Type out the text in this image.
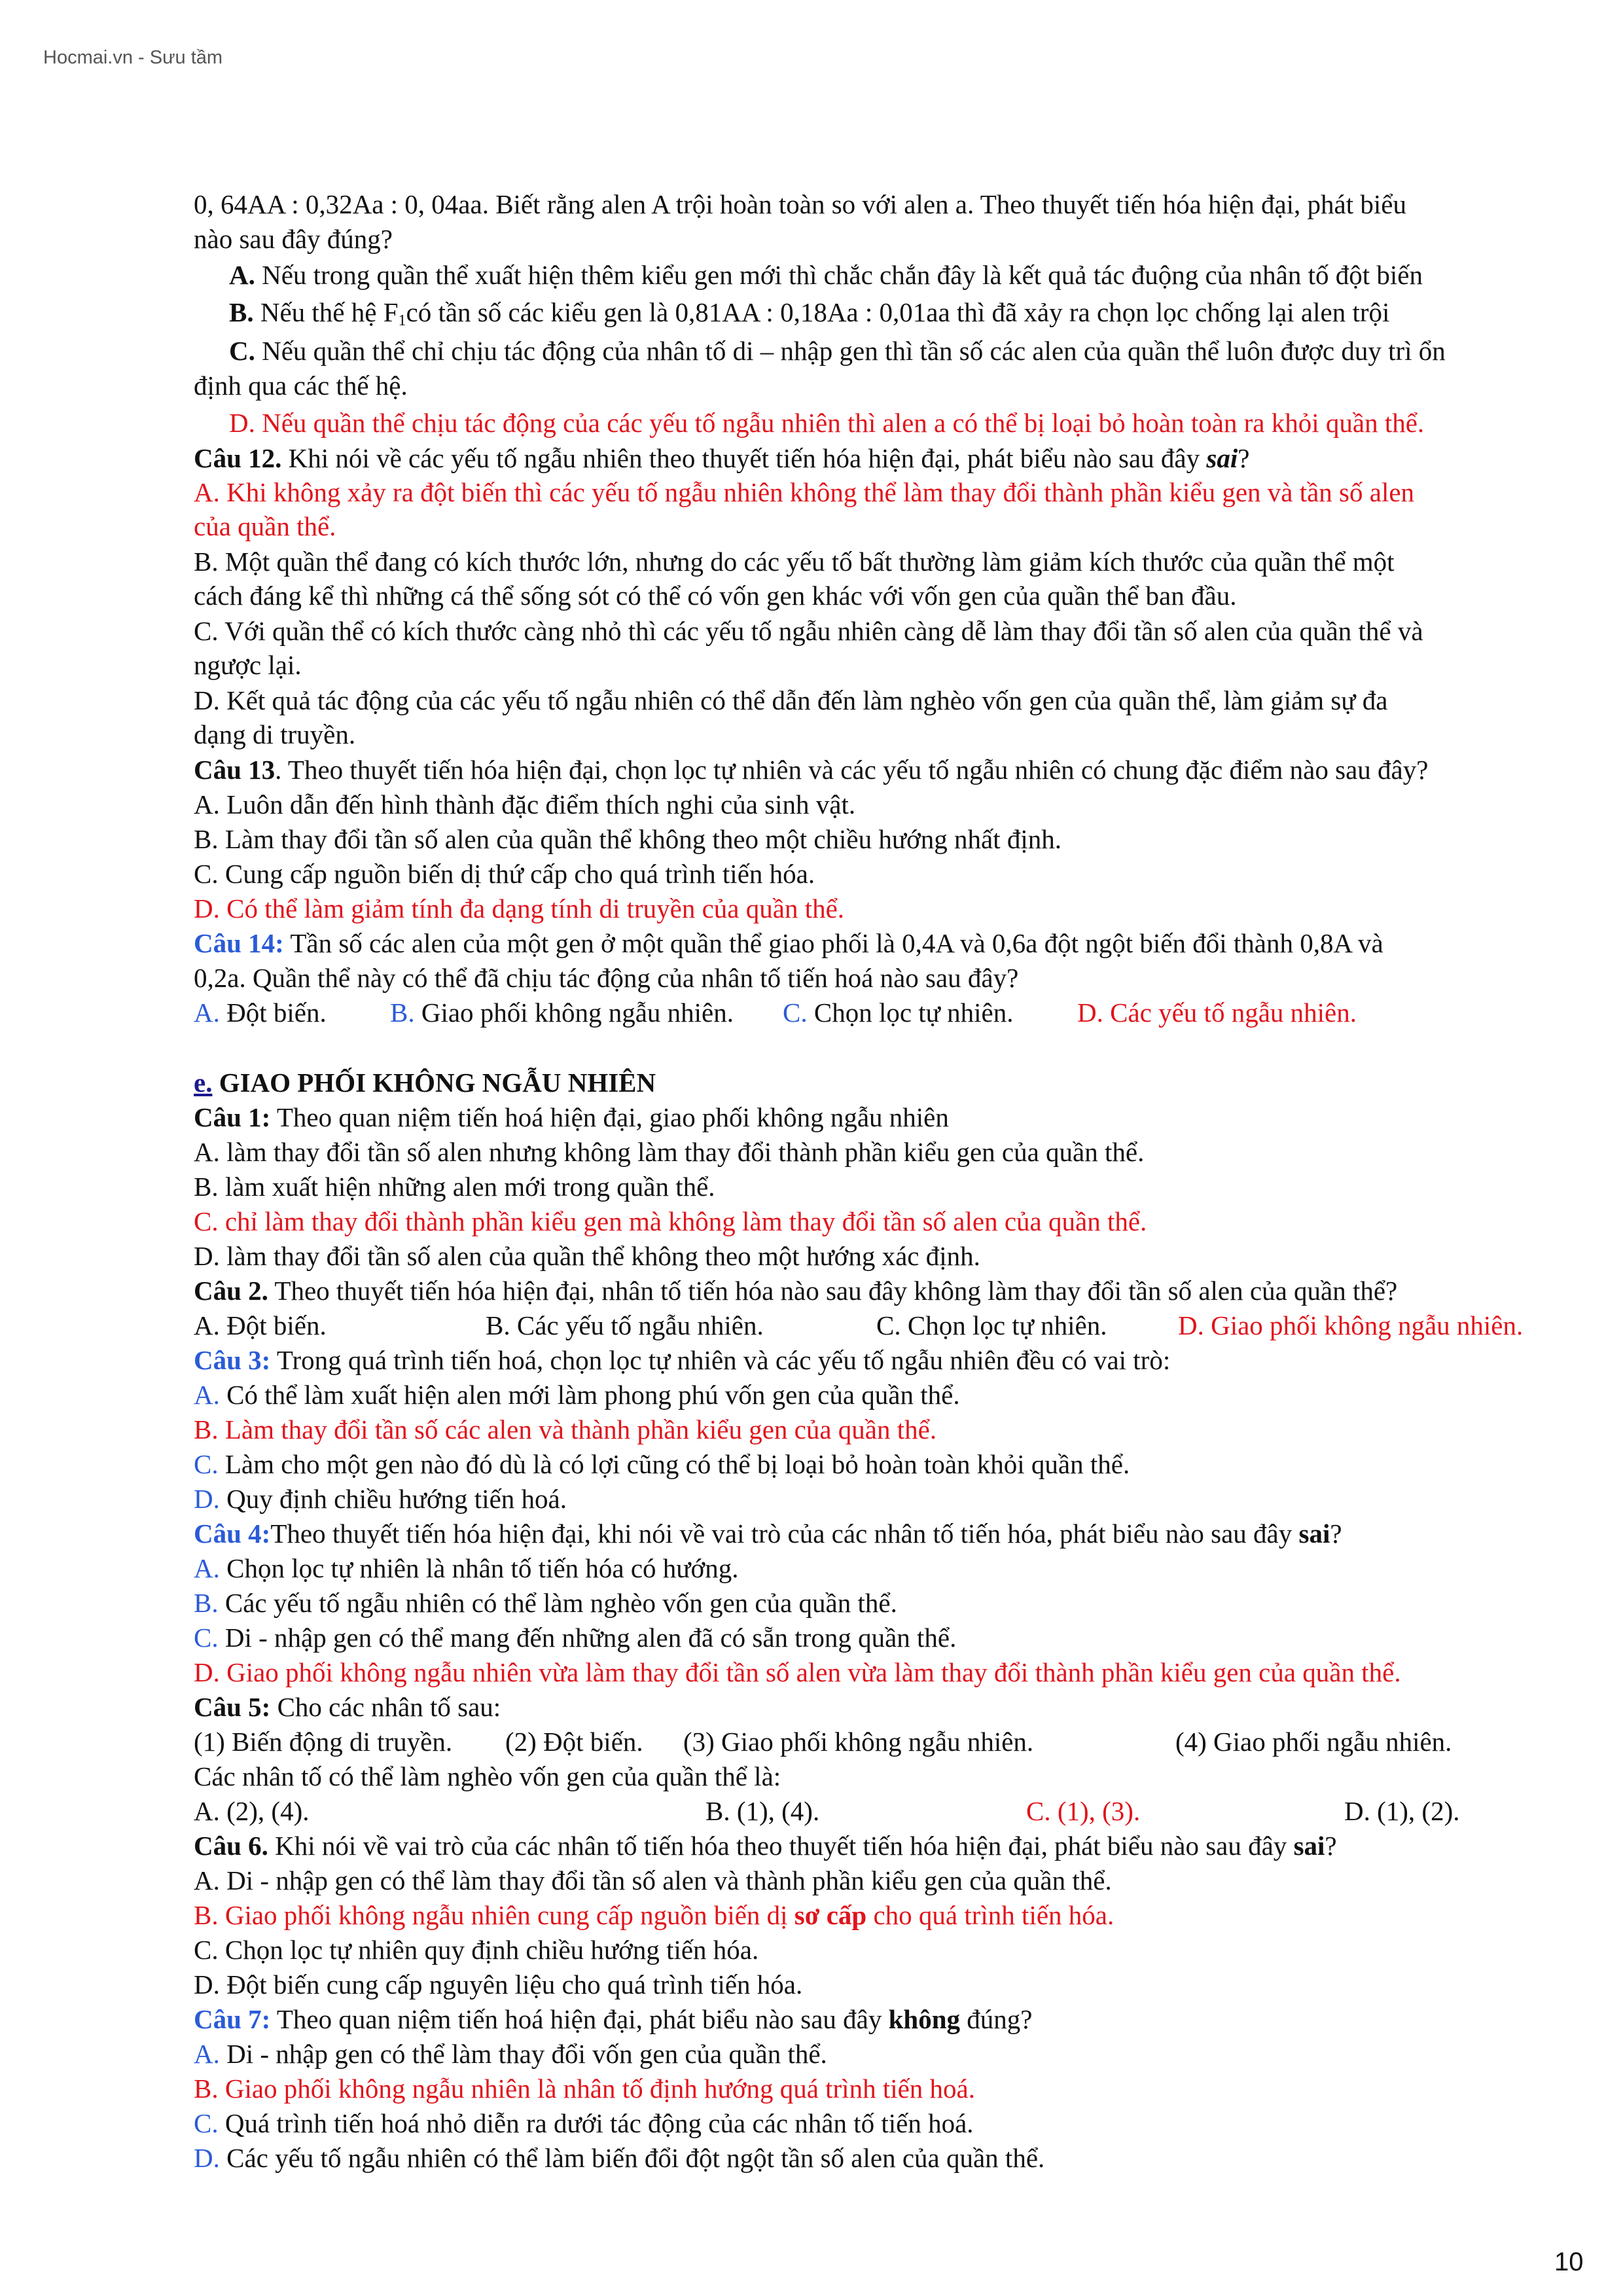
Hocmai.vn - Sưu tầm
0, 64AA : 0,32Aa : 0, 04aa. Biết rằng alen A trội hoàn toàn so với alen a. Theo thuyết tiến hóa hiện đại, phát biểu
nào sau đây đúng?
A. Nếu trong quần thể xuất hiện thêm kiểu gen mới thì chắc chắn đây là kết quả tác đuộng của nhân tố đột biến
B. Nếu thế hệ $F_1có$ tần số các kiểu gen là 0,81AA : 0,18Aa : 0,01aa thì đã xảy ra chọn lọc chống lại alen trội
C. Nếu quần thể chỉ chịu tác động của nhân tố di – nhập gen thì tần số các alen của quần thể luôn được duy trì ổn
định qua các thế hệ.
D. Nếu quần thể chịu tác động của các yếu tố ngẫu nhiên thì alen a có thể bị loại bỏ hoàn toàn ra khỏi quần thể.
Câu 12. Khi nói về các yếu tố ngẫu nhiên theo thuyết tiến hóa hiện đại, phát biểu nào sau đây sai?
A. Khi không xảy ra đột biến thì các yếu tố ngẫu nhiên không thể làm thay đổi thành phần kiểu gen và tần số alen
của quần thể.
B. Một quần thể đang có kích thước lớn, nhưng do các yếu tố bất thường làm giảm kích thước của quần thể một
cách đáng kể thì những cá thể sống sót có thể có vốn gen khác với vốn gen của quần thể ban đầu.
C. Với quần thể có kích thước càng nhỏ thì các yếu tố ngẫu nhiên càng dễ làm thay đổi tần số alen của quần thể và
ngược lại.
D. Kết quả tác động của các yếu tố ngẫu nhiên có thể dẫn đến làm nghèo vốn gen của quần thể, làm giảm sự đa
dạng di truyền.
Câu 13. Theo thuyết tiến hóa hiện đại, chọn lọc tự nhiên và các yếu tố ngẫu nhiên có chung đặc điểm nào sau đây?
A. Luôn dẫn đến hình thành đặc điểm thích nghi của sinh vật.
B. Làm thay đổi tần số alen của quần thể không theo một chiều hướng nhất định.
C. Cung cấp nguồn biến dị thứ cấp cho quá trình tiến hóa.
D. Có thể làm giảm tính đa dạng tính di truyền của quần thể.
Câu 14: Tần số các alen của một gen ở một quần thể giao phối là 0,4A và 0,6a đột ngột biến đổi thành 0,8A và
0,2a. Quần thể này có thể đã chịu tác động của nhân tố tiến hoá nào sau đây?
A. Đột biến. B. Giao phối không ngẫu nhiên. C. Chọn lọc tự nhiên. D. Các yếu tố ngẫu nhiên.
e. GIAO PHỐI KHÔNG NGẪU NHIÊN
Câu 1: Theo quan niệm tiến hoá hiện đại, giao phối không ngẫu nhiên
A. làm thay đổi tần số alen nhưng không làm thay đổi thành phần kiểu gen của quần thể.
B. làm xuất hiện những alen mới trong quần thể.
C. chỉ làm thay đổi thành phần kiểu gen mà không làm thay đổi tần số alen của quần thể.
D. làm thay đổi tần số alen của quần thể không theo một hướng xác định.
Câu 2. Theo thuyết tiến hóa hiện đại, nhân tố tiến hóa nào sau đây không làm thay đổi tần số alen của quần thể?
A. Đột biến.	B. Các yếu tố ngẫu nhiên.	C. Chọn lọc tự nhiên.	D. Giao phối không ngẫu nhiên.
Câu 3: Trong quá trình tiến hoá, chọn lọc tự nhiên và các yếu tố ngẫu nhiên đều có vai trò:
A. Có thể làm xuất hiện alen mới làm phong phú vốn gen của quần thể.
B. Làm thay đổi tần số các alen và thành phần kiểu gen của quần thể.
C. Làm cho một gen nào đó dù là có lợi cũng có thể bị loại bỏ hoàn toàn khỏi quần thể.
D. Quy định chiều hướng tiến hoá.
Câu 4:Theo thuyết tiến hóa hiện đại, khi nói về vai trò của các nhân tố tiến hóa, phát biểu nào sau đây sai?
A. Chọn lọc tự nhiên là nhân tố tiến hóa có hướng.
B. Các yếu tố ngẫu nhiên có thể làm nghèo vốn gen của quần thể.
C. Di - nhập gen có thể mang đến những alen đã có sẵn trong quần thể.
D. Giao phối không ngẫu nhiên vừa làm thay đổi tần số alen vừa làm thay đổi thành phần kiểu gen của quần thể.
Câu 5: Cho các nhân tố sau:
(1) Biến động di truyền. (2) Đột biến. (3) Giao phối không ngẫu nhiên.	(4) Giao phối ngẫu nhiên.
Các nhân tố có thể làm nghèo vốn gen của quần thể là:
A. (2), (4).	B. (1), (4).	C. (1), (3).	D. (1), (2).
Câu 6. Khi nói về vai trò của các nhân tố tiến hóa theo thuyết tiến hóa hiện đại, phát biểu nào sau đây sai?
A. Di - nhập gen có thể làm thay đổi tần số alen và thành phần kiểu gen của quần thể.
B. Giao phối không ngẫu nhiên cung cấp nguồn biến dị sơ cấp cho quá trình tiến hóa.
C. Chọn lọc tự nhiên quy định chiều hướng tiến hóa.
D. Đột biến cung cấp nguyên liệu cho quá trình tiến hóa.
Câu 7: Theo quan niệm tiến hoá hiện đại, phát biểu nào sau đây không đúng?
A. Di - nhập gen có thể làm thay đổi vốn gen của quần thể.
B. Giao phối không ngẫu nhiên là nhân tố định hướng quá trình tiến hoá.
C. Quá trình tiến hoá nhỏ diễn ra dưới tác động của các nhân tố tiến hoá.
D. Các yếu tố ngẫu nhiên có thể làm biến đổi đột ngột tần số alen của quần thể.
10
